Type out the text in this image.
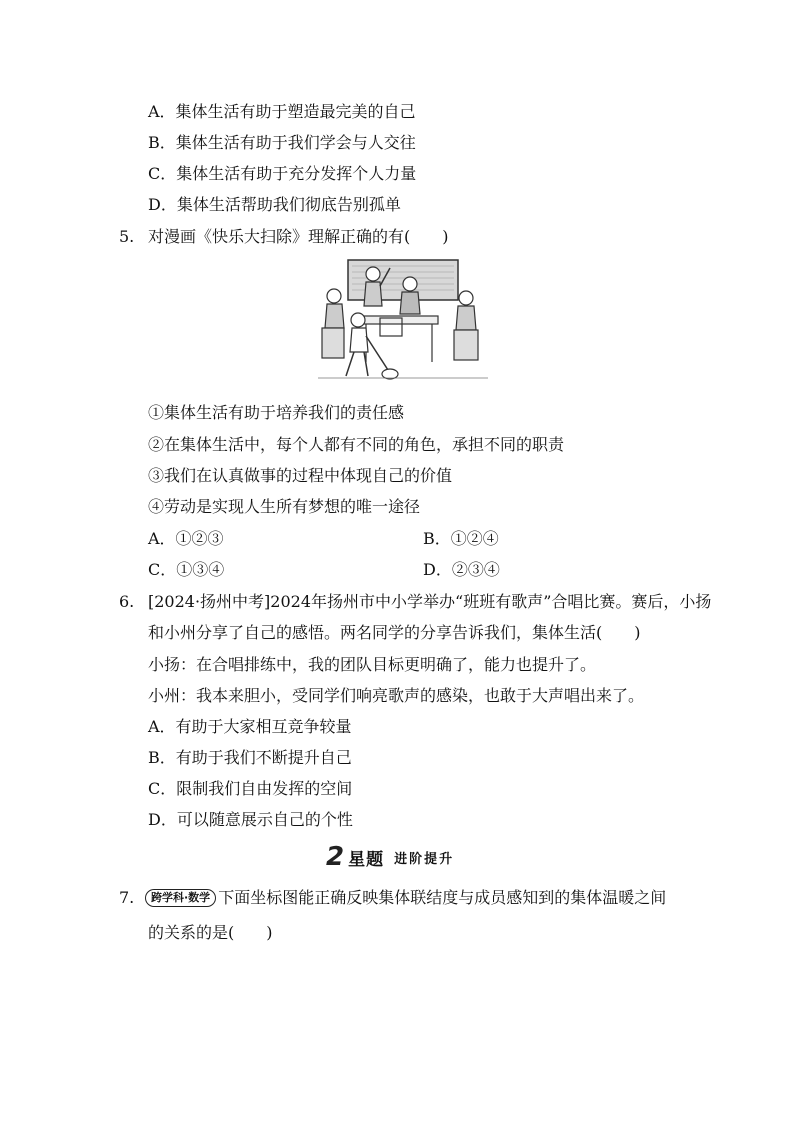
A．集体生活有助于塑造最完美的自己
B．集体生活有助于我们学会与人交往
C．集体生活有助于充分发挥个人力量
D．集体生活帮助我们彻底告别孤单
5. 对漫画《快乐大扫除》理解正确的有(　　)
①集体生活有助于培养我们的责任感
②在集体生活中，每个人都有不同的角色，承担不同的职责
③我们在认真做事的过程中体现自己的价值
④劳动是实现人生所有梦想的唯一途径
A．①②③	B．①②④
C．①③④	D．②③④
6. [2024·扬州中考]2024年扬州市中小学举办“班班有歌声”合唱比赛。赛后，小扬
和小州分享了自己的感悟。两名同学的分享告诉我们，集体生活(　　)
小扬：在合唱排练中，我的团队目标更明确了，能力也提升了。
小州：我本来胆小，受同学们响亮歌声的感染，也敢于大声唱出来了。
A．有助于大家相互竞争较量
B．有助于我们不断提升自己
C．限制我们自由发挥的空间
D．可以随意展示自己的个性
2 星题 进阶提升
7.	跨学科·数学 下面坐标图能正确反映集体联结度与成员感知到的集体温暖之间
的关系的是(　　)
